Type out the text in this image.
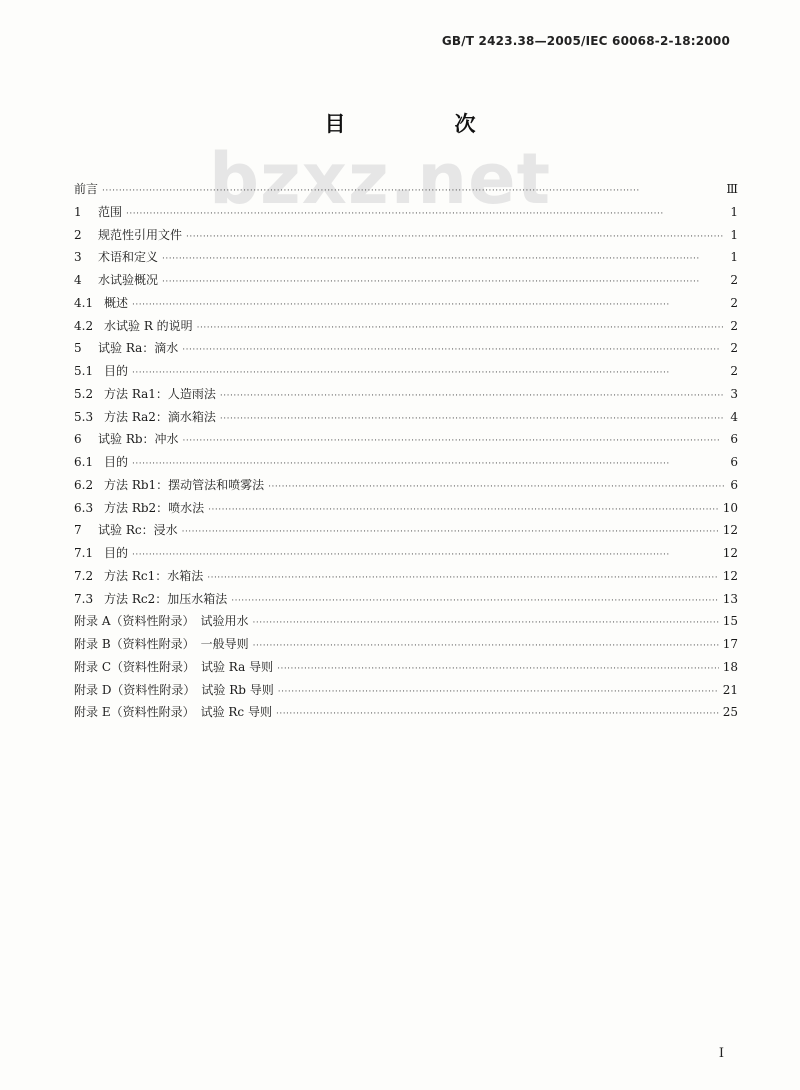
GB/T 2423.38—2005/IEC 60068-2-18:2000
bzxz.net
目　次
前言 ·····	Ⅲ
1	范围 ·····	1
2	规范性引用文件 ·····	1
3	术语和定义 ·····	1
4	水试验概况 ·····	2
4.1 概述 ·····	2
4.2 水试验 R 的说明 ·····	2
5	试验 Ra：滴水 ·····	2
5.1 目的 ·····	2
5.2 方法 Ra1：人造雨法 ·····	3
5.3 方法 Ra2：滴水箱法 ·····	4
6	试验 Rb：冲水 ·····	6
6.1 目的 ·····	6
6.2 方法 Rb1：摆动管法和喷雾法 ·····	6
6.3 方法 Rb2：喷水法 ·····	10
7	试验 Rc：浸水 ·····	12
7.1 目的 ·····	12
7.2 方法 Rc1：水箱法 ·····	12
7.3 方法 Rc2：加压水箱法 ·····	13
附录 A（资料性附录）　试验用水 ·····	15
附录 B（资料性附录）　一般导则 ·····	17
附录 C（资料性附录）　试验 Ra 导则 ·····	18
附录 D（资料性附录）　试验 Rb 导则 ·····	21
附录 E（资料性附录）　试验 Rc 导则 ·····	25
Ⅰ
